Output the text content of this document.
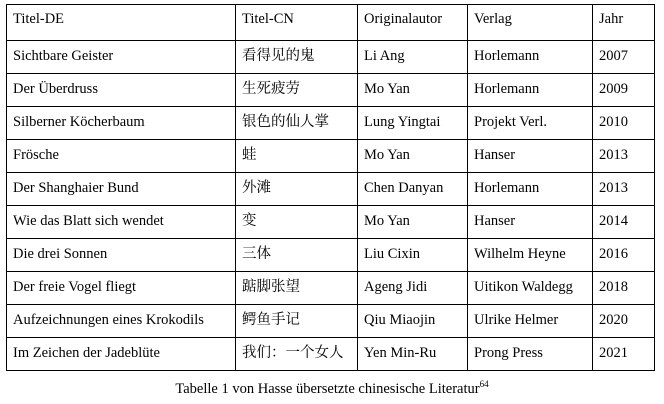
Titel-DE	Titel-CN	Originalautor	Verlag	Jahr
Sichtbare Geister	看得见的鬼	Li Ang	Horlemann	2007
Der Überdruss	生死疲劳	Mo Yan	Horlemann	2009
Silberner Köcherbaum	银色的仙人掌	Lung Yingtai	Projekt Verl.	2010
Frösche	蛙	Mo Yan	Hanser	2013
Der Shanghaier Bund	外滩	Chen Danyan	Horlemann	2013
Wie das Blatt sich wendet	变	Mo Yan	Hanser	2014
Die drei Sonnen	三体	Liu Cixin	Wilhelm Heyne	2016
Der freie Vogel fliegt	踮脚张望	Ageng Jidi	Uitikon Waldegg	2018
Aufzeichnungen eines Krokodils	鳄鱼手记	Qiu Miaojin	Ulrike Helmer	2020
Im Zeichen der Jadeblüte	我们：一个女人	Yen Min-Ru	Prong Press	2021
Tabelle 1 von Hasse übersetzte chinesische Literatur$^{64}$
